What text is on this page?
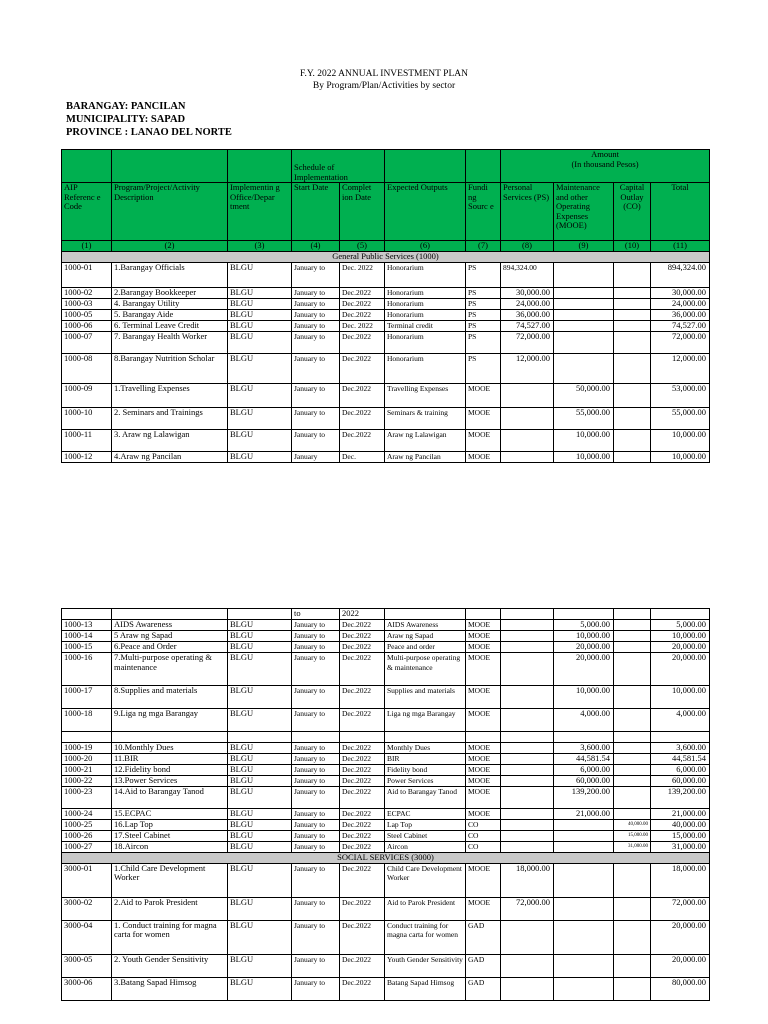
F.Y. 2022 ANNUAL INVESTMENT PLAN
By Program/Plan/Activities by sector
BARANGAY: PANCILAN
MUNICIPALITY: SAPAD
PROVINCE : LANAO DEL NORTE
			Schedule of Implementation				Amount
(In thousand Pesos)			
AIP Referenc e Code	Program/Project/Activity Description	Implementin g Office/Depar tment	Start Date	Complet ion Date	Expected Outputs	Fundi ng Sourc e	Personal Services (PS)	Maintenance and other Operating Expenses (MOOE)	Capital Outlay (CO)	Total
(1)	(2)	(3)	(4)	(5)	(6)	(7)	(8)	(9)	(10)	(11)
General Public Services (1000)										
1000-01	1.Barangay Officials	BLGU	January to	Dec. 2022	Honorarium	PS	894,324.00			894,324.00
1000-02	2.Barangay Bookkeeper	BLGU	January to	Dec.2022	Honorarium	PS	30,000.00			30,000.00
1000-03	4. Barangay Utility	BLGU	January to	Dec.2022	Honorarium	PS	24,000.00			24,000.00
1000-05	5. Barangay Aide	BLGU	January to	Dec.2022	Honorarium	PS	36,000.00			36,000.00
1000-06	6. Terminal Leave Credit	BLGU	January to	Dec. 2022	Terminal credit	PS	74,527.00			74,527.00
1000-07	7. Barangay Health Worker	BLGU	January to	Dec.2022	Honorarium	PS	72,000.00			72,000.00
1000-08	8.Barangay Nutrition Scholar	BLGU	January to	Dec.2022	Honorarium	PS	12,000.00			12,000.00
1000-09	1.Travelling Expenses	BLGU	January to	Dec.2022	Travelling Expenses	MOOE		50,000.00		53,000.00
1000-10	2. Seminars and Trainings	BLGU	January to	Dec.2022	Seminars & training	MOOE		55,000.00		55,000.00
1000-11	3. Araw ng Lalawigan	BLGU	January to	Dec.2022	Araw ng Lalawigan	MOOE		10,000.00		10,000.00
1000-12	4.Araw ng Pancilan	BLGU	January	Dec.	Araw ng Pancilan	MOOE		10,000.00		10,000.00
			to	2022						
1000-13	AIDS Awareness	BLGU	January to	Dec.2022	AIDS Awareness	MOOE		5,000.00		5,000.00
1000-14	5 Araw ng Sapad	BLGU	January to	Dec.2022	Araw ng Sapad	MOOE		10,000.00		10,000.00
1000-15	6.Peace and Order	BLGU	January to	Dec.2022	Peace and order	MOOE		20,000.00		20,000.00
1000-16	7.Multi-purpose operating & maintenance	BLGU	January to	Dec.2022	Multi-purpose operating & maintenance	MOOE		20,000.00		20,000.00
1000-17	8.Supplies and materials	BLGU	January to	Dec.2022	Supplies and materials	MOOE		10,000.00		10,000.00
1000-18	9.Liga ng mga Barangay	BLGU	January to	Dec.2022	Liga ng mga Barangay	MOOE		4,000.00		4,000.00

1000-19	10.Monthly Dues	BLGU	January to	Dec.2022	Monthly Dues	MOOE		3,600.00		3,600.00
1000-20	11.BIR	BLGU	January to	Dec.2022	BIR	MOOE		44,581.54		44,581.54
1000-21	12.Fidelity bond	BLGU	January to	Dec.2022	Fidelity bond	MOOE		6,000.00		6,000.00
1000-22	13.Power Services	BLGU	January to	Dec.2022	Power Services	MOOE		60,000.00		60,000.00
1000-23	14.Aid to Barangay Tanod	BLGU	January to	Dec.2022	Aid to Barangay Tanod	MOOE		139,200.00		139,200.00
1000-24	15.ECPAC	BLGU	January to	Dec.2022	ECPAC	MOOE		21,000.00		21,000.00
1000-25	16.Lap Top	BLGU	January to	Dec.2022	Lap Top	CO			40,000.00	40,000.00
1000-26	17.Steel Cabinet	BLGU	January to	Dec.2022	Steel Cabinet	CO			15,000.00	15,000.00
1000-27	18.Aircon	BLGU	January to	Dec.2022	Aircon	CO			31,000.00	31,000.00
SOCIAL SERVICES (3000)										
3000-01	1.Child Care Development Worker	BLGU	January to	Dec.2022	Child Care Development Worker	MOOE	18,000.00			18,000.00
3000-02	2.Aid to Parok President	BLGU	January to	Dec.2022	Aid to Parok President	MOOE	72,000.00			72,000.00
3000-04	1. Conduct training for magna carta for women	BLGU	January to	Dec.2022	Conduct training for magna carta for women	GAD				20,000.00
3000-05	2. Youth Gender Sensitivity	BLGU	January to	Dec.2022	Youth Gender Sensitivity	GAD				20,000.00
3000-06	3.Batang Sapad Himsog	BLGU	January to	Dec.2022	Batang Sapad Himsog	GAD				80,000.00
